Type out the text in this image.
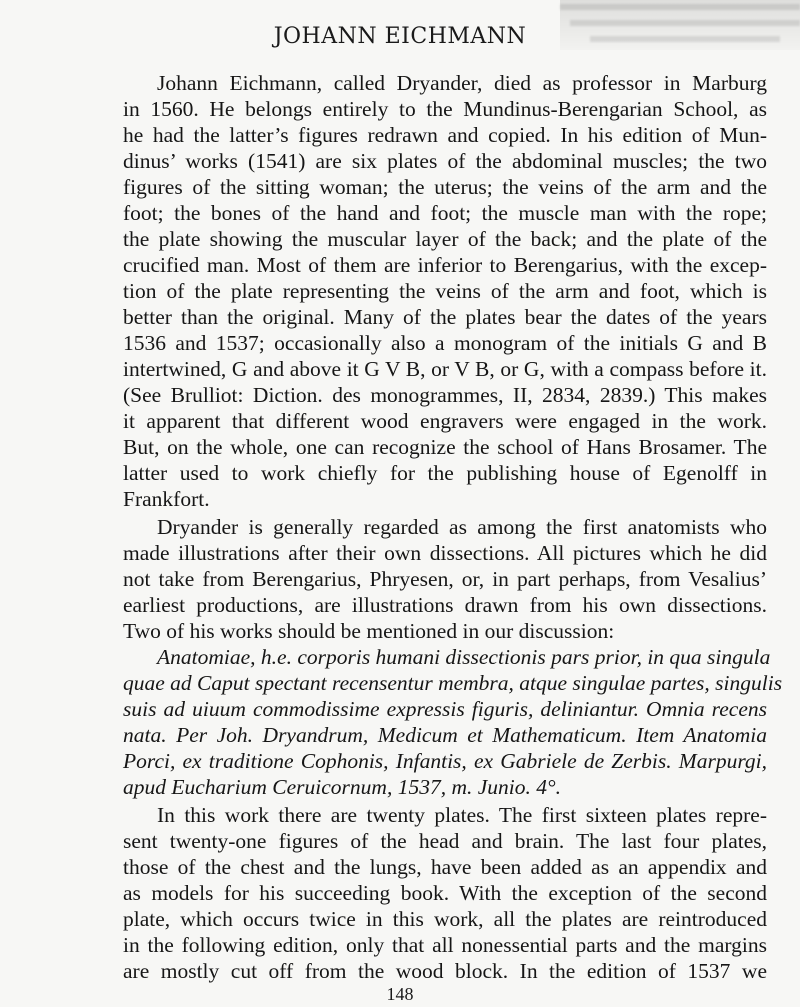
JOHANN EICHMANN
Johann Eichmann, called Dryander, died as professor in Marburg
in 1560. He belongs entirely to the Mundinus-Berengarian School, as
he had the latter’s figures redrawn and copied. In his edition of Mun-
dinus’ works (1541) are six plates of the abdominal muscles; the two
figures of the sitting woman; the uterus; the veins of the arm and the
foot; the bones of the hand and foot; the muscle man with the rope;
the plate showing the muscular layer of the back; and the plate of the
crucified man. Most of them are inferior to Berengarius, with the excep-
tion of the plate representing the veins of the arm and foot, which is
better than the original. Many of the plates bear the dates of the years
1536 and 1537; occasionally also a monogram of the initials G and B
intertwined, G and above it G V B, or V B, or G, with a compass before it.
(See Brulliot: Diction. des monogrammes, II, 2834, 2839.) This makes
it apparent that different wood engravers were engaged in the work.
But, on the whole, one can recognize the school of Hans Brosamer. The
latter used to work chiefly for the publishing house of Egenolff in
Frankfort.
Dryander is generally regarded as among the first anatomists who
made illustrations after their own dissections. All pictures which he did
not take from Berengarius, Phryesen, or, in part perhaps, from Vesalius’
earliest productions, are illustrations drawn from his own dissections.
Two of his works should be mentioned in our discussion:
Anatomiae, h.e. corporis humani dissectionis pars prior, in qua singula
quae ad Caput spectant recensentur membra, atque singulae partes, singulis
suis ad uiuum commodissime expressis figuris, deliniantur. Omnia recens
nata. Per Joh. Dryandrum, Medicum et Mathematicum. Item Anatomia
Porci, ex traditione Cophonis, Infantis, ex Gabriele de Zerbis. Marpurgi,
apud Eucharium Ceruicornum, 1537, m. Junio. 4°.
In this work there are twenty plates. The first sixteen plates repre-
sent twenty-one figures of the head and brain. The last four plates,
those of the chest and the lungs, have been added as an appendix and
as models for his succeeding book. With the exception of the second
plate, which occurs twice in this work, all the plates are reintroduced
in the following edition, only that all nonessential parts and the margins
are mostly cut off from the wood block. In the edition of 1537 we
148
